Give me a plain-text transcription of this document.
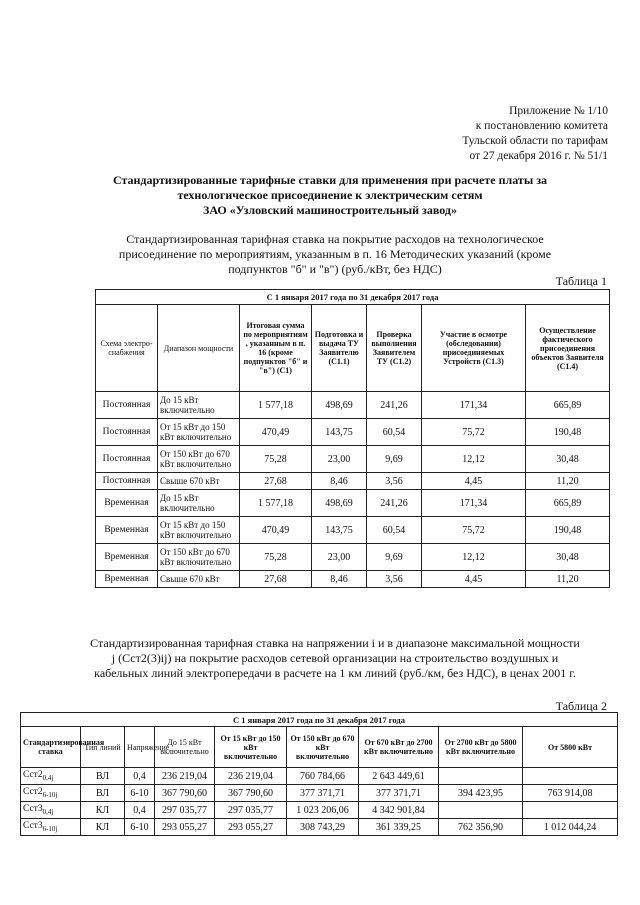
Приложение № 1/10
к постановлению комитета
Тульской области по тарифам
от 27 декабря 2016 г. № 51/1
Стандартизированные тарифные ставки для применения при расчете платы за
технологическое присоединение к электрическим сетям
ЗАО «Узловский машиностроительный завод»
Стандартизированная тарифная ставка на покрытие расходов на технологическое присоединение по мероприятиям, указанным в п. 16 Методических указаний (кроме подпунктов "б" и "в") (руб./кВт, без НДС)
Таблица 1
С 1 января 2017 года по 31 декабря 2017 года						
Схема электро-снабжения	Диапазон мощности	Итоговая сумма по мероприятиям , указанным в п. 16 (кроме подпунктов "б" и "в") (С1)	Подготовка и выдача ТУ Заявителю (С1.1)	Проверка выполнения Заявителем ТУ (С1.2)	Участие в осмотре (обследовании) присоединяемых Устройств (С1.3)	Осуществление фактического присоединения объектов Заявителя (С1.4)
Постоянная	До 15 кВт включительно	1 577,18	498,69	241,26	171,34	665,89
Постоянная	От 15 кВт до 150 кВт включительно	470,49	143,75	60,54	75,72	190,48
Постоянная	От 150 кВт до 670 кВт включительно	75,28	23,00	9,69	12,12	30,48
Постоянная	Свыше 670 кВт	27,68	8,46	3,56	4,45	11,20
Временная	До 15 кВт включительно	1 577,18	498,69	241,26	171,34	665,89
Временная	От 15 кВт до 150 кВт включительно	470,49	143,75	60,54	75,72	190,48
Временная	От 150 кВт до 670 кВт включительно	75,28	23,00	9,69	12,12	30,48
Временная	Свыше 670 кВт	27,68	8,46	3,56	4,45	11,20
Стандартизированная тарифная ставка на напряжении i и в диапазоне максимальной мощности j (Сст2(3)ij) на покрытие расходов сетевой организации на строительство воздушных и кабельных линий электропередачи в расчете на 1 км линий (руб./км, без НДС), в ценах 2001 г.
Таблица 2
С 1 января 2017 года по 31 декабря 2017 года								
Стандартизированная ставка	Тип линий	Напряжение	До 15 кВт включительно	От 15 кВт до 150 кВт включительно	От 150 кВт до 670 кВт включительно	От 670 кВт до 2700 кВт включительно	От 2700 кВт до 5800 кВт включительно	От 5800 кВт
$Сст2_{0,4j}$	ВЛ	0,4	236 219,04	236 219,04	760 784,66	2 643 449,61		
$Сст2_{6-10j}$	ВЛ	6-10	367 790,60	367 790,60	377 371,71	377 371,71	394 423,95	763 914,08
$Сст3_{0,4j}$	КЛ	0,4	297 035,77	297 035,77	1 023 206,06	4 342 901,84		
$Сст3_{6-10j}$	КЛ	6-10	293 055,27	293 055,27	308 743,29	361 339,25	762 356,90	1 012 044,24
